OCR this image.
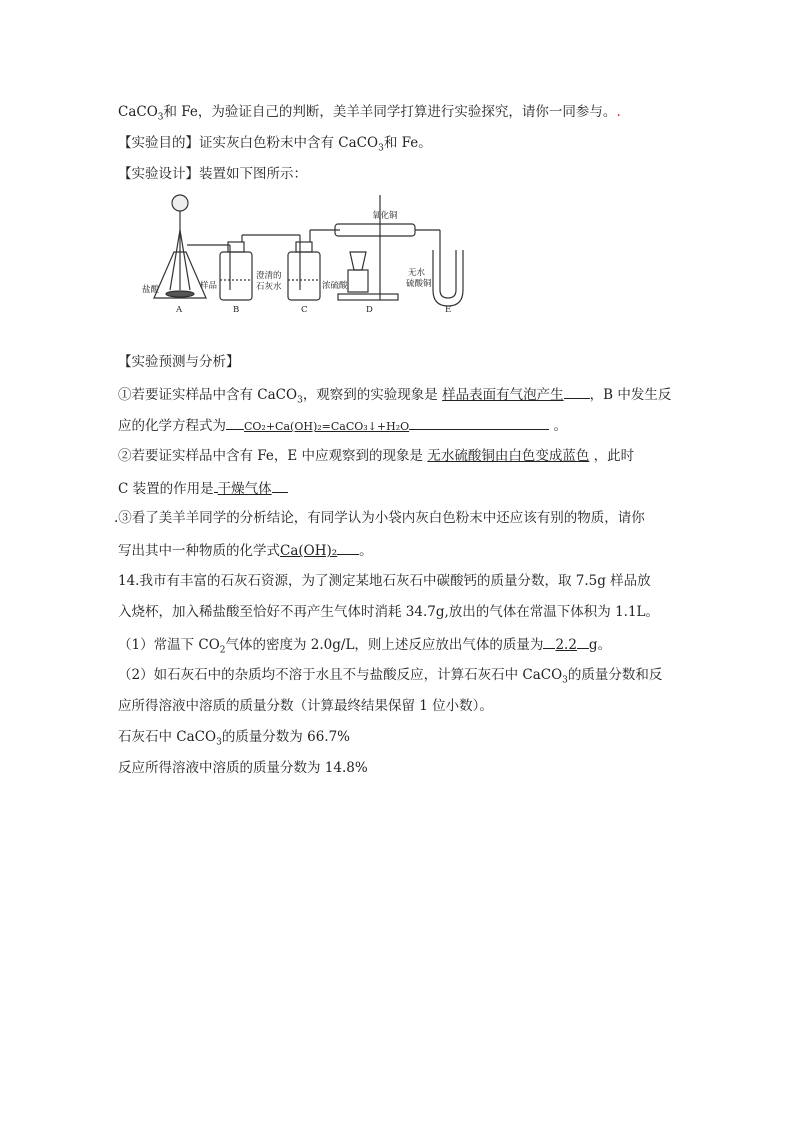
CaCO$_3$和 Fe，为验证自己的判断，美羊羊同学打算进行实验探究，请你一同参与。.
【实验目的】证实灰白色粉末中含有 CaCO$_3$和 Fe。
【实验设计】装置如下图所示：
盐酸	样品
澄清的
石灰水	浓硫酸
氧化铜
无水
硫酸铜
A	B	C	D	E
【实验预测与分析】
①若要证实样品中含有 CaCO$_3$，观察到的实验现象是 样品表面有气泡产生 ，B 中发生反
应的化学方程式为 CO₂+Ca(OH)₂=CaCO₃↓+H₂O	。
②若要证实样品中含有 Fe，E 中应观察到的现象是 无水硫酸铜由白色变成蓝色 ，此时
C 装置的作用是 干燥气体
.③看了美羊羊同学的分析结论，有同学认为小袋内灰白色粉末中还应该有别的物质，请你
写出其中一种物质的化学式Ca(OH)₂ 。
14.我市有丰富的石灰石资源，为了测定某地石灰石中碳酸钙的质量分数，取 7.5g 样品放
入烧杯，加入稀盐酸至恰好不再产生气体时消耗 34.7g,放出的气体在常温下体积为 1.1L。
（1）常温下 $CO_2$气体的密度为 2.0g/L，则上述反应放出气体的质量为 2.2 g。
（2）如石灰石中的杂质均不溶于水且不与盐酸反应，计算石灰石中 CaCO$_3$的质量分数和反
应所得溶液中溶质的质量分数（计算最终结果保留 1 位小数）。
石灰石中 CaCO$_3$的质量分数为 66.7%
反应所得溶液中溶质的质量分数为 14.8%
